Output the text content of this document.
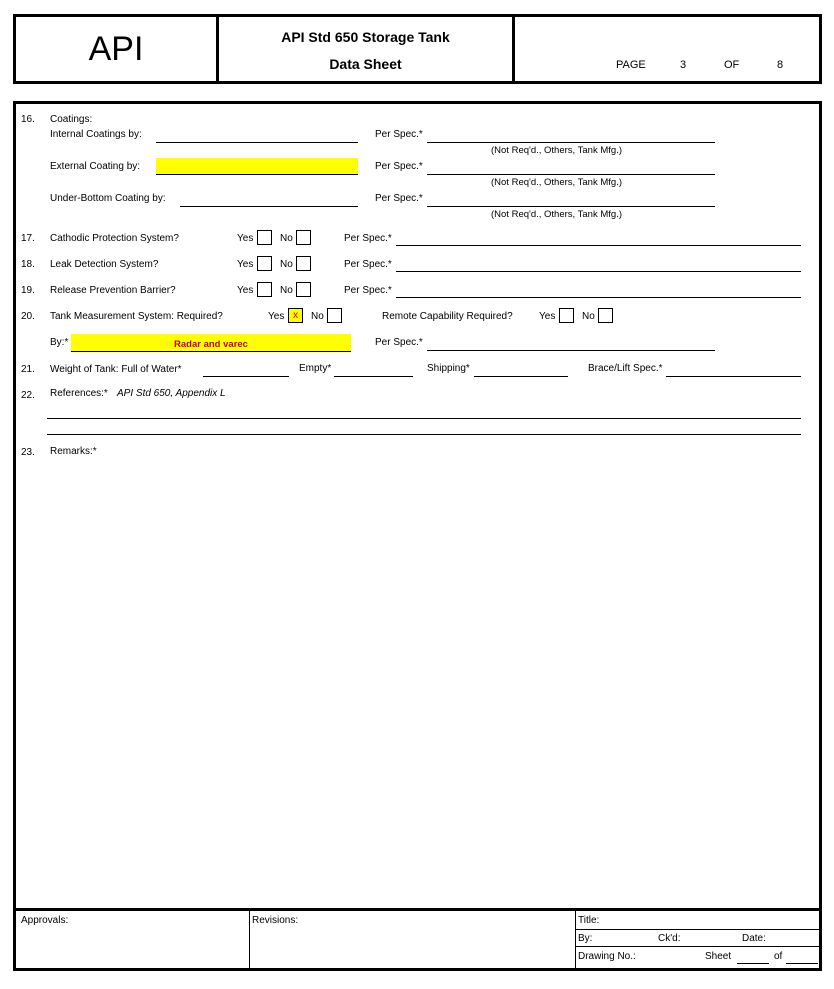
API	API Std 650 Storage Tank
Data Sheet	PAGE	3	OF	8
16. Coatings:
Internal Coatings by:	Per Spec.*
(Not Req'd., Others, Tank Mfg.)
External Coating by:	Per Spec.*
(Not Req'd., Others, Tank Mfg.)
Under-Bottom Coating by:	Per Spec.*
(Not Req'd., Others, Tank Mfg.)
17. Cathodic Protection System?	Yes	No	Per Spec.*
18. Leak Detection System?	Yes	No	Per Spec.*
19. Release Prevention Barrier?	Yes	No	Per Spec.*
20. Tank Measurement System: Required?	Yes x	No	Remote Capability Required?	Yes	No
By:*	Radar and varec	Per Spec.*
21. Weight of Tank: Full of Water*	Empty*	Shipping*	Brace/Lift Spec.*
22. References:* API Std 650, Appendix L
23. Remarks:*
Approvals:	Revisions:	Title:
By:	Ck'd:	Date:
Drawing No.:	Sheet	of
